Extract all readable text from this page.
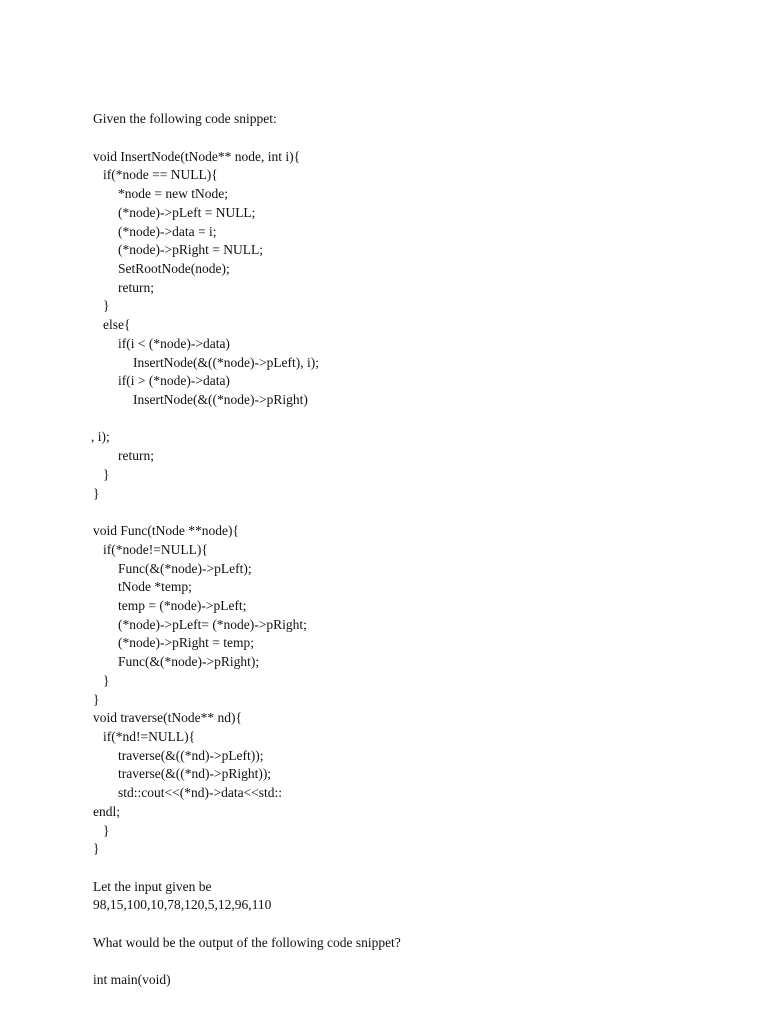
Given the following code snippet:
void InsertNode(tNode** node, int i){
if(*node == NULL){
*node = new tNode;
(*node)->pLeft = NULL;
(*node)->data = i;
(*node)->pRight = NULL;
SetRootNode(node);
return;
}
else{
if(i < (*node)->data)
InsertNode(&((*node)->pLeft), i);
if(i > (*node)->data)
InsertNode(&((*node)->pRight)
, i);
return;
}
}
void Func(tNode **node){
if(*node!=NULL){
Func(&(*node)->pLeft);
tNode *temp;
temp = (*node)->pLeft;
(*node)->pLeft= (*node)->pRight;
(*node)->pRight = temp;
Func(&(*node)->pRight);
}
}
void traverse(tNode** nd){
if(*nd!=NULL){
traverse(&((*nd)->pLeft));
traverse(&((*nd)->pRight));
std::cout<<(*nd)->data<<std::
endl;
}
}
Let the input given be
98,15,100,10,78,120,5,12,96,110
What would be the output of the following code snippet?
int main(void)
